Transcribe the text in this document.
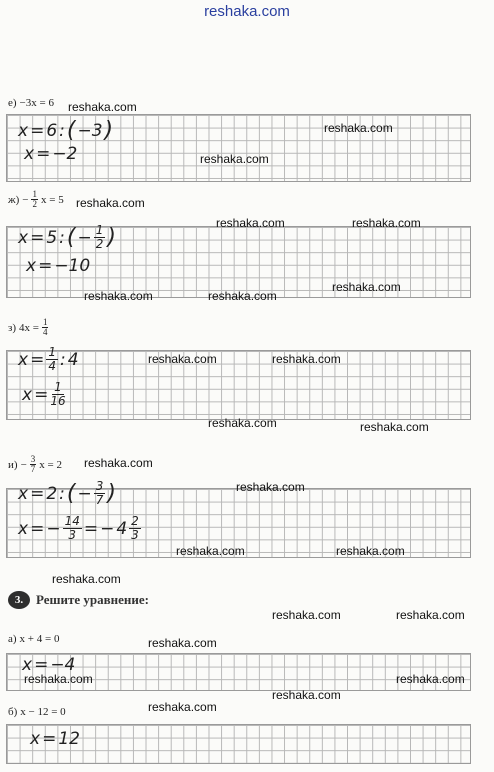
reshaka.com
е) −3x = 6
x = 6 : ( −3 )
x = −2
$ж) - \frac{1}{2}$ x = 5
x = 5 : ( − $\frac{1}{2}$ )
x = −10
з) $4x = \frac{1}{4}$
$x = \frac{1}{4}$ : 4
$x = \frac{1}{16}$
$и) - \frac{3}{7}$ x = 2
x = 2 : ( − $\frac{3}{7}$ )
x = − $\frac{14}{3}$ = − $4 \frac{2}{3}$
3. Решите уравнение:
а) x + 4 = 0
x = −4
б) x − 12 = 0
x = 12
reshaka.com
reshaka.com
reshaka.com
reshaka.com
reshaka.com	reshaka.com
reshaka.com
reshaka.com	reshaka.com
reshaka.com	reshaka.com
reshaka.com	reshaka.com
reshaka.com
reshaka.com
reshaka.com	reshaka.com
reshaka.com
reshaka.com	reshaka.com
reshaka.com
reshaka.com	reshaka.com
reshaka.com
reshaka.com
